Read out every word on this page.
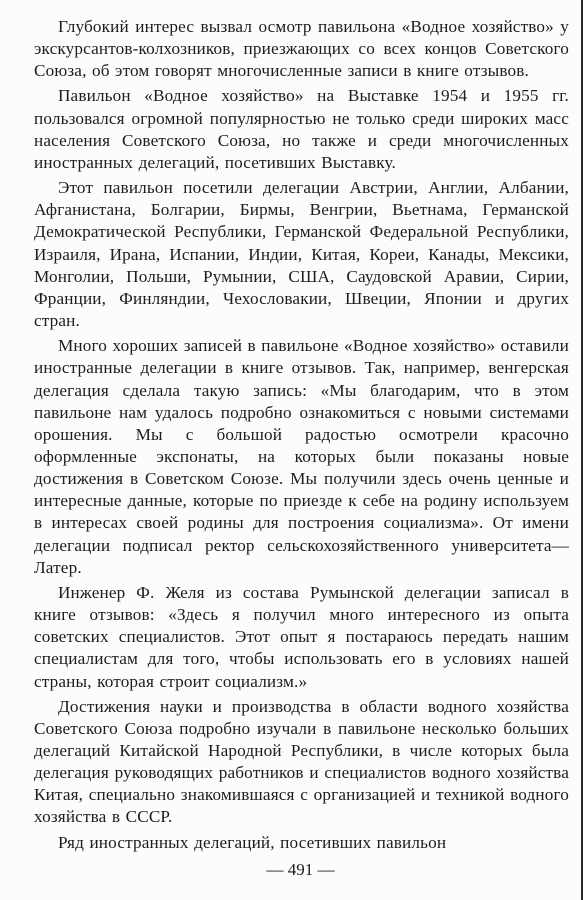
Глубокий интерес вызвал осмотр павильона «Водное хозяйство» у экскурсантов-колхозников, приезжающих со всех концов Советского Союза, об этом говорят многочисленные записи в книге отзывов.

Павильон «Водное хозяйство» на Выставке 1954 и 1955 гг. пользовался огромной популярностью не только среди широких масс населения Советского Союза, но также и среди многочисленных иностранных делегаций, посетивших Выставку.

Этот павильон посетили делегации Австрии, Англии, Албании, Афганистана, Болгарии, Бирмы, Венгрии, Вьетнама, Германской Демократической Республики, Германской Федеральной Республики, Израиля, Ирана, Испании, Индии, Китая, Кореи, Канады, Мексики, Монголии, Польши, Румынии, США, Саудовской Аравии, Сирии, Франции, Финляндии, Чехословакии, Швеции, Японии и других стран.

Много хороших записей в павильоне «Водное хозяйство» оставили иностранные делегации в книге отзывов. Так, например, венгерская делегация сделала такую запись: «Мы благодарим, что в этом павильоне нам удалось подробно ознакомиться с новыми системами орошения. Мы с большой радостью осмотрели красочно оформленные экспонаты, на которых были показаны новые достижения в Советском Союзе. Мы получили здесь очень ценные и интересные данные, которые по приезде к себе на родину используем в интересах своей родины для построения социализма». От имени делегации подписал ректор сельскохозяйственного университета—Латер.

Инженер Ф. Желя из состава Румынской делегации записал в книге отзывов: «Здесь я получил много интересного из опыта советских специалистов. Этот опыт я постараюсь передать нашим специалистам для того, чтобы использовать его в условиях нашей страны, которая строит социализм.»

Достижения науки и производства в области водного хозяйства Советского Союза подробно изучали в павильоне несколько больших делегаций Китайской Народной Республики, в числе которых была делегация руководящих работников и специалистов водного хозяйства Китая, специально знакомившаяся с организацией и техникой водного хозяйства в СССР.

Ряд иностранных делегаций, посетивших павильон

— 491 —
